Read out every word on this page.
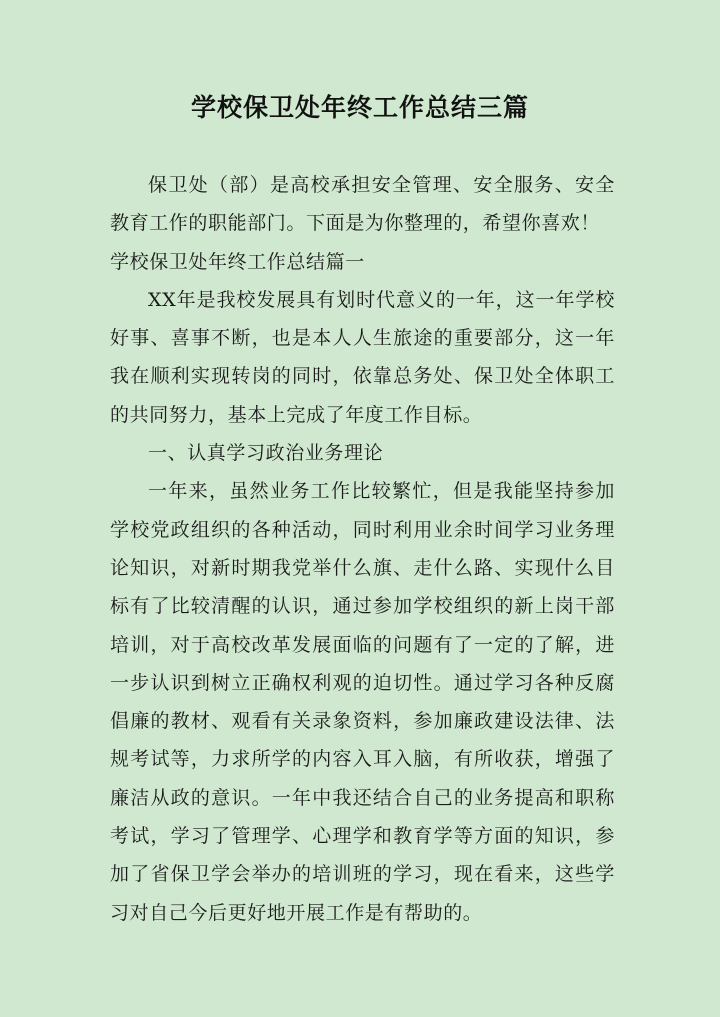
学校保卫处年终工作总结三篇

保卫处（部）是高校承担安全管理、安全服务、安全教育工作的职能部门。下面是为你整理的，希望你喜欢！

学校保卫处年终工作总结篇一

XX年是我校发展具有划时代意义的一年，这一年学校好事、喜事不断，也是本人人生旅途的重要部分，这一年我在顺利实现转岗的同时，依靠总务处、保卫处全体职工的共同努力，基本上完成了年度工作目标。

一、认真学习政治业务理论

一年来，虽然业务工作比较繁忙，但是我能坚持参加学校党政组织的各种活动，同时利用业余时间学习业务理论知识，对新时期我党举什么旗、走什么路、实现什么目标有了比较清醒的认识，通过参加学校组织的新上岗干部培训，对于高校改革发展面临的问题有了一定的了解，进一步认识到树立正确权利观的迫切性。通过学习各种反腐倡廉的教材、观看有关录象资料，参加廉政建设法律、法规考试等，力求所学的内容入耳入脑，有所收获，增强了廉洁从政的意识。一年中我还结合自己的业务提高和职称考试，学习了管理学、心理学和教育学等方面的知识，参加了省保卫学会举办的培训班的学习，现在看来，这些学习对自己今后更好地开展工作是有帮助的。
